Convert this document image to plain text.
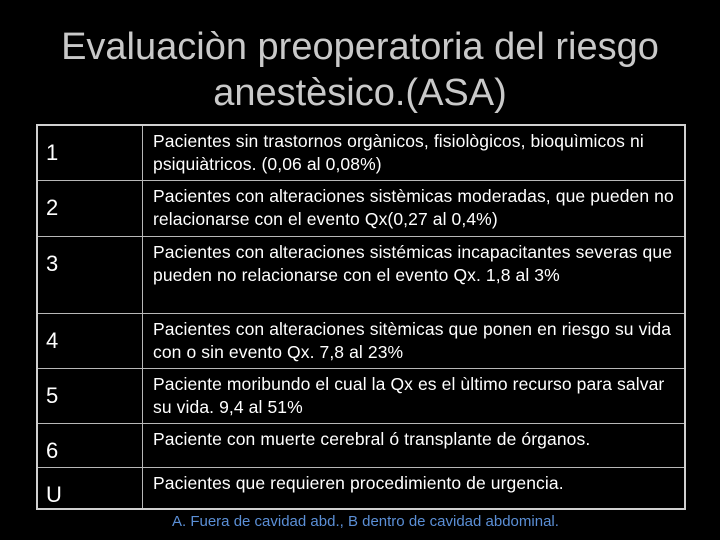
Evaluaciòn preoperatoria del riesgo
anestèsico.(ASA)
1	Pacientes sin trastornos orgànicos, fisiològicos, bioquìmicos ni psiquiàtricos. (0,06 al 0,08%)
2	Pacientes con alteraciones sistèmicas moderadas, que pueden no relacionarse con el evento Qx(0,27 al 0,4%)
3	Pacientes con alteraciones sistémicas incapacitantes severas que pueden no relacionarse con el evento Qx. 1,8 al 3%
4	Pacientes con alteraciones sitèmicas que ponen en riesgo su vida con o sin evento Qx. 7,8 al 23%
5	Paciente moribundo el cual la Qx es el ùltimo recurso para salvar su vida. 9,4 al 51%
6	Paciente con muerte cerebral ó transplante de órganos.
U	Pacientes que requieren procedimiento de urgencia.
A. Fuera de cavidad abd., B dentro de cavidad abdominal.
